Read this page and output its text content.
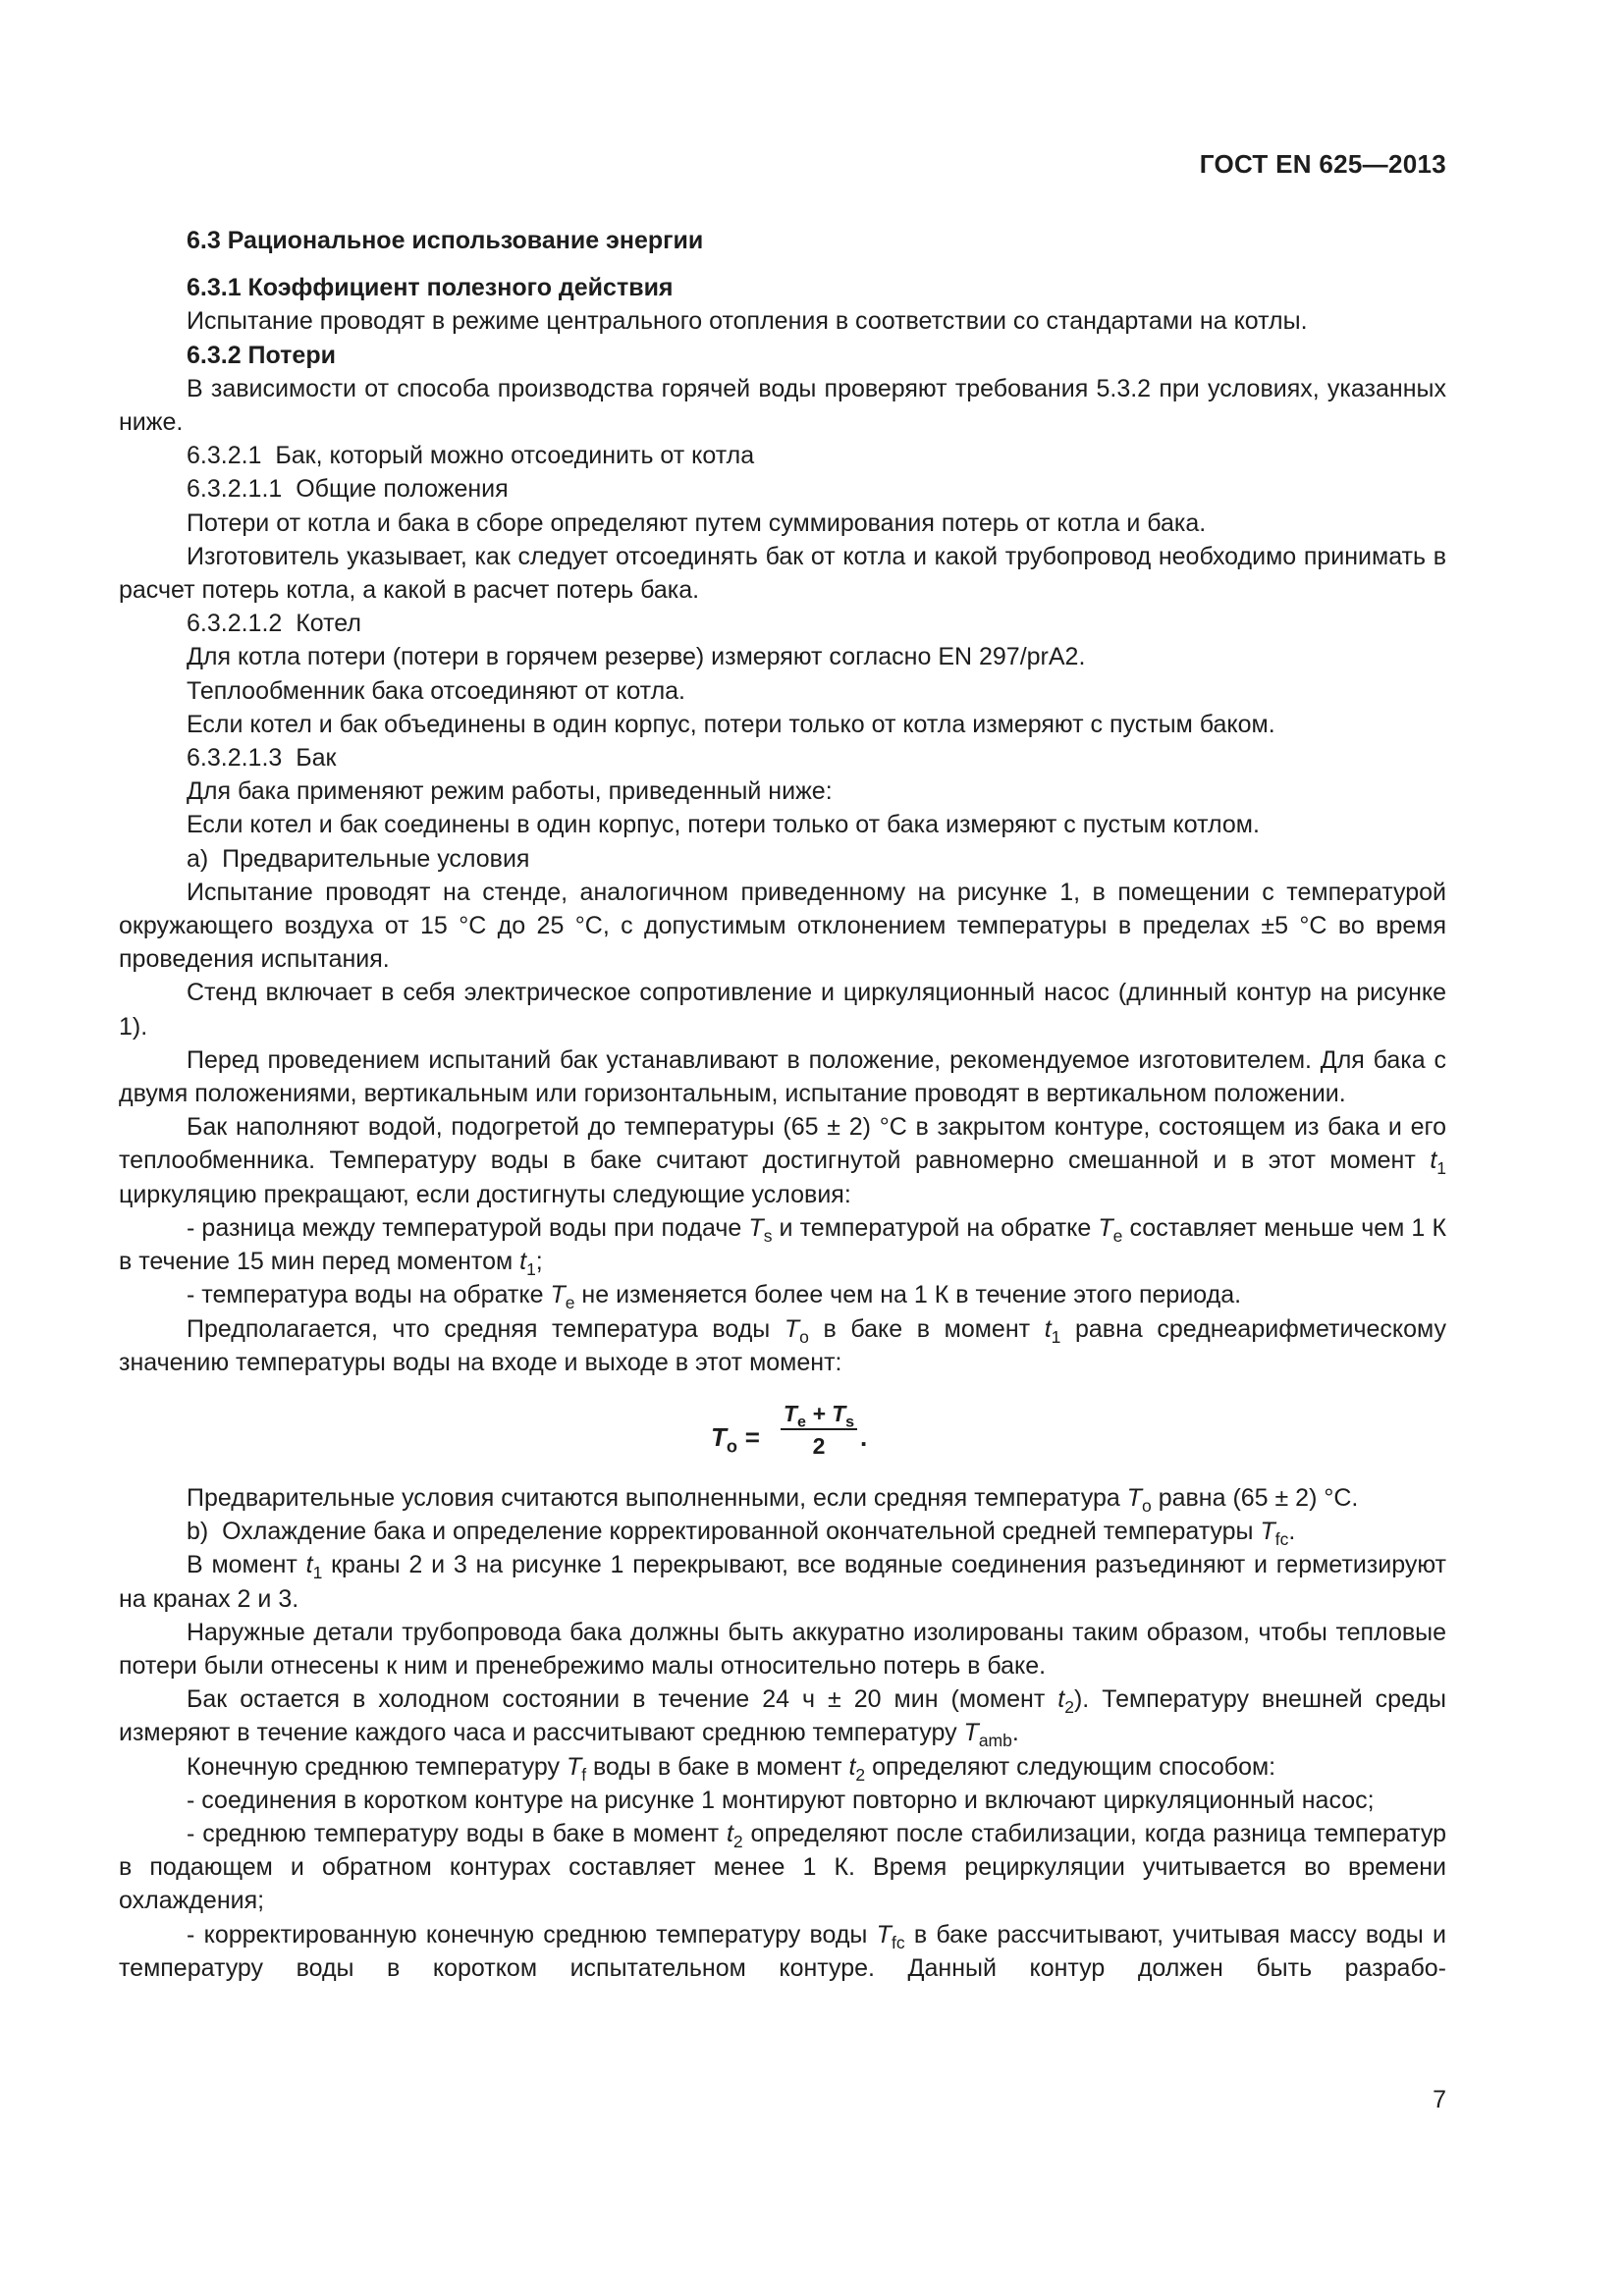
ГОСТ EN 625—2013

6.3 Рациональное использование энергии

6.3.1 Коэффициент полезного действия

Испытание проводят в режиме центрального отопления в соответствии со стандартами на котлы.

6.3.2 Потери

В зависимости от способа производства горячей воды проверяют требования 5.3.2 при условиях, указанных ниже.

6.3.2.1  Бак, который можно отсоединить от котла

6.3.2.1.1  Общие положения

Потери от котла и бака в сборе определяют путем суммирования потерь от котла и бака.

Изготовитель указывает, как следует отсоединять бак от котла и какой трубопровод необходимо принимать в расчет потерь котла, а какой в расчет потерь бака.

6.3.2.1.2  Котел

Для котла потери (потери в горячем резерве) измеряют согласно EN 297/prA2.

Теплообменник бака отсоединяют от котла.

Если котел и бак объединены в один корпус, потери только от котла измеряют с пустым баком.

6.3.2.1.3  Бак

Для бака применяют режим работы, приведенный ниже:

Если котел и бак соединены в один корпус, потери только от бака измеряют с пустым котлом.

a)  Предварительные условия

Испытание проводят на стенде, аналогичном приведенному на рисунке 1, в помещении с температурой окружающего воздуха от 15 °С до 25 °С, с допустимым отклонением температуры в пределах ±5 °С во время проведения испытания.

Стенд включает в себя электрическое сопротивление и циркуляционный насос (длинный контур на рисунке 1).

Перед проведением испытаний бак устанавливают в положение, рекомендуемое изготовителем. Для бака с двумя положениями, вертикальным или горизонтальным, испытание проводят в вертикальном положении.

Бак наполняют водой, подогретой до температуры (65 ± 2) °С в закрытом контуре, состоящем из бака и его теплообменника. Температуру воды в баке считают достигнутой равномерно смешанной и в этот момент $t_1$ циркуляцию прекращают, если достигнуты следующие условия:

- разница между температурой воды при подаче $T_s$ и температурой на обратке $T_e$ составляет меньше чем 1 К в течение 15 мин перед моментом $t_1$;

- температура воды на обратке $T_e$ не изменяется более чем на 1 К в течение этого периода.

Предполагается, что средняя температура воды $T_o$ в баке в момент $t_1$ равна среднеарифметическому значению температуры воды на входе и выходе в этот момент:

$T_o$ =
$T_e + T_s$
2	.

Предварительные условия считаются выполненными, если средняя температура $T_o$ равна (65 ± 2) °С.

b)  Охлаждение бака и определение корректированной окончательной средней температуры $T_{fc}$.

В момент $t_1$ краны 2 и 3 на рисунке 1 перекрывают, все водяные соединения разъединяют и герметизируют на кранах 2 и 3.

Наружные детали трубопровода бака должны быть аккуратно изолированы таким образом, чтобы тепловые потери были отнесены к ним и пренебрежимо малы относительно потерь в баке.

Бак остается в холодном состоянии в течение 24 ч ± 20 мин (момент $t_2$). Температуру внешней среды измеряют в течение каждого часа и рассчитывают среднюю температуру $T_{amb}$.

Конечную среднюю температуру $T_f$ воды в баке в момент $t_2$ определяют следующим способом:

- соединения в коротком контуре на рисунке 1 монтируют повторно и включают циркуляционный насос;

- среднюю температуру воды в баке в момент $t_2$ определяют после стабилизации, когда разница температур в подающем и обратном контурах составляет менее 1 К. Время рециркуляции учитывается во времени охлаждения;

- корректированную конечную среднюю температуру воды $T_{fc}$ в баке рассчитывают, учитывая массу воды и температуру воды в коротком испытательном контуре. Данный контур должен быть разрабо-

7
